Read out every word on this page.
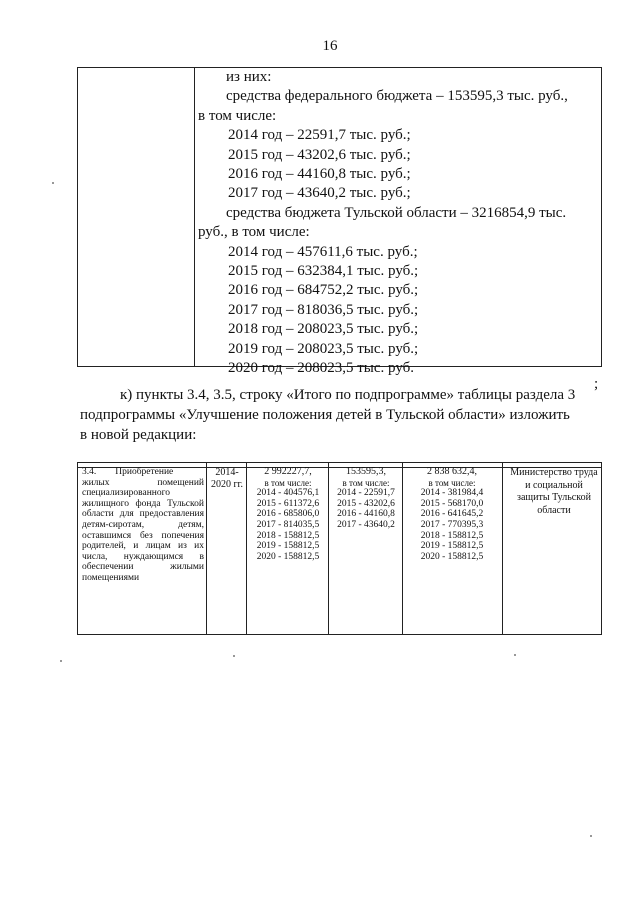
16
из них:
средства федерального бюджета – 153595,3 тыс. руб.,
в том числе:
2014 год – 22591,7 тыс. руб.;
2015 год – 43202,6 тыс. руб.;
2016 год – 44160,8 тыс. руб.;
2017 год – 43640,2 тыс. руб.;
средства бюджета Тульской области – 3216854,9 тыс.
руб., в том числе:
2014 год – 457611,6 тыс. руб.;
2015 год – 632384,1 тыс. руб.;
2016 год – 684752,2 тыс. руб.;
2017 год – 818036,5 тыс. руб.;
2018 год – 208023,5 тыс. руб.;
2019 год – 208023,5 тыс. руб.;
2020 год – 208023,5 тыс. руб.
;
к) пункты 3.4, 3.5, строку «Итого по подпрограмме» таблицы раздела 3
подпрограммы «Улучшение положения детей в Тульской области» изложить
в новой редакции:
3.4.        Приобретение
жилых помещений специализированного жилищного фонда Тульской области для предоставления детям-сиротам, детям, оставшимся без попечения родителей, и лицам из их числа, нуждающимся в обеспечении жилыми помещениями
2014-2020 гг.
2 992227,7,
в том числе:
2014 - 404576,1
2015 - 611372,6
2016 - 685806,0
2017 - 814035,5
2018 - 158812,5
2019 - 158812,5
2020 - 158812,5
153595,3,
в том числе:
2014 - 22591,7
2015 - 43202,6
2016 - 44160,8
2017 - 43640,2
2 838 632,4,
в том числе:
2014 - 381984,4
2015 - 568170,0
2016 - 641645,2
2017 - 770395,3
2018 - 158812,5
2019 - 158812,5
2020 - 158812,5
Министерство труда и социальной защиты Тульской области
